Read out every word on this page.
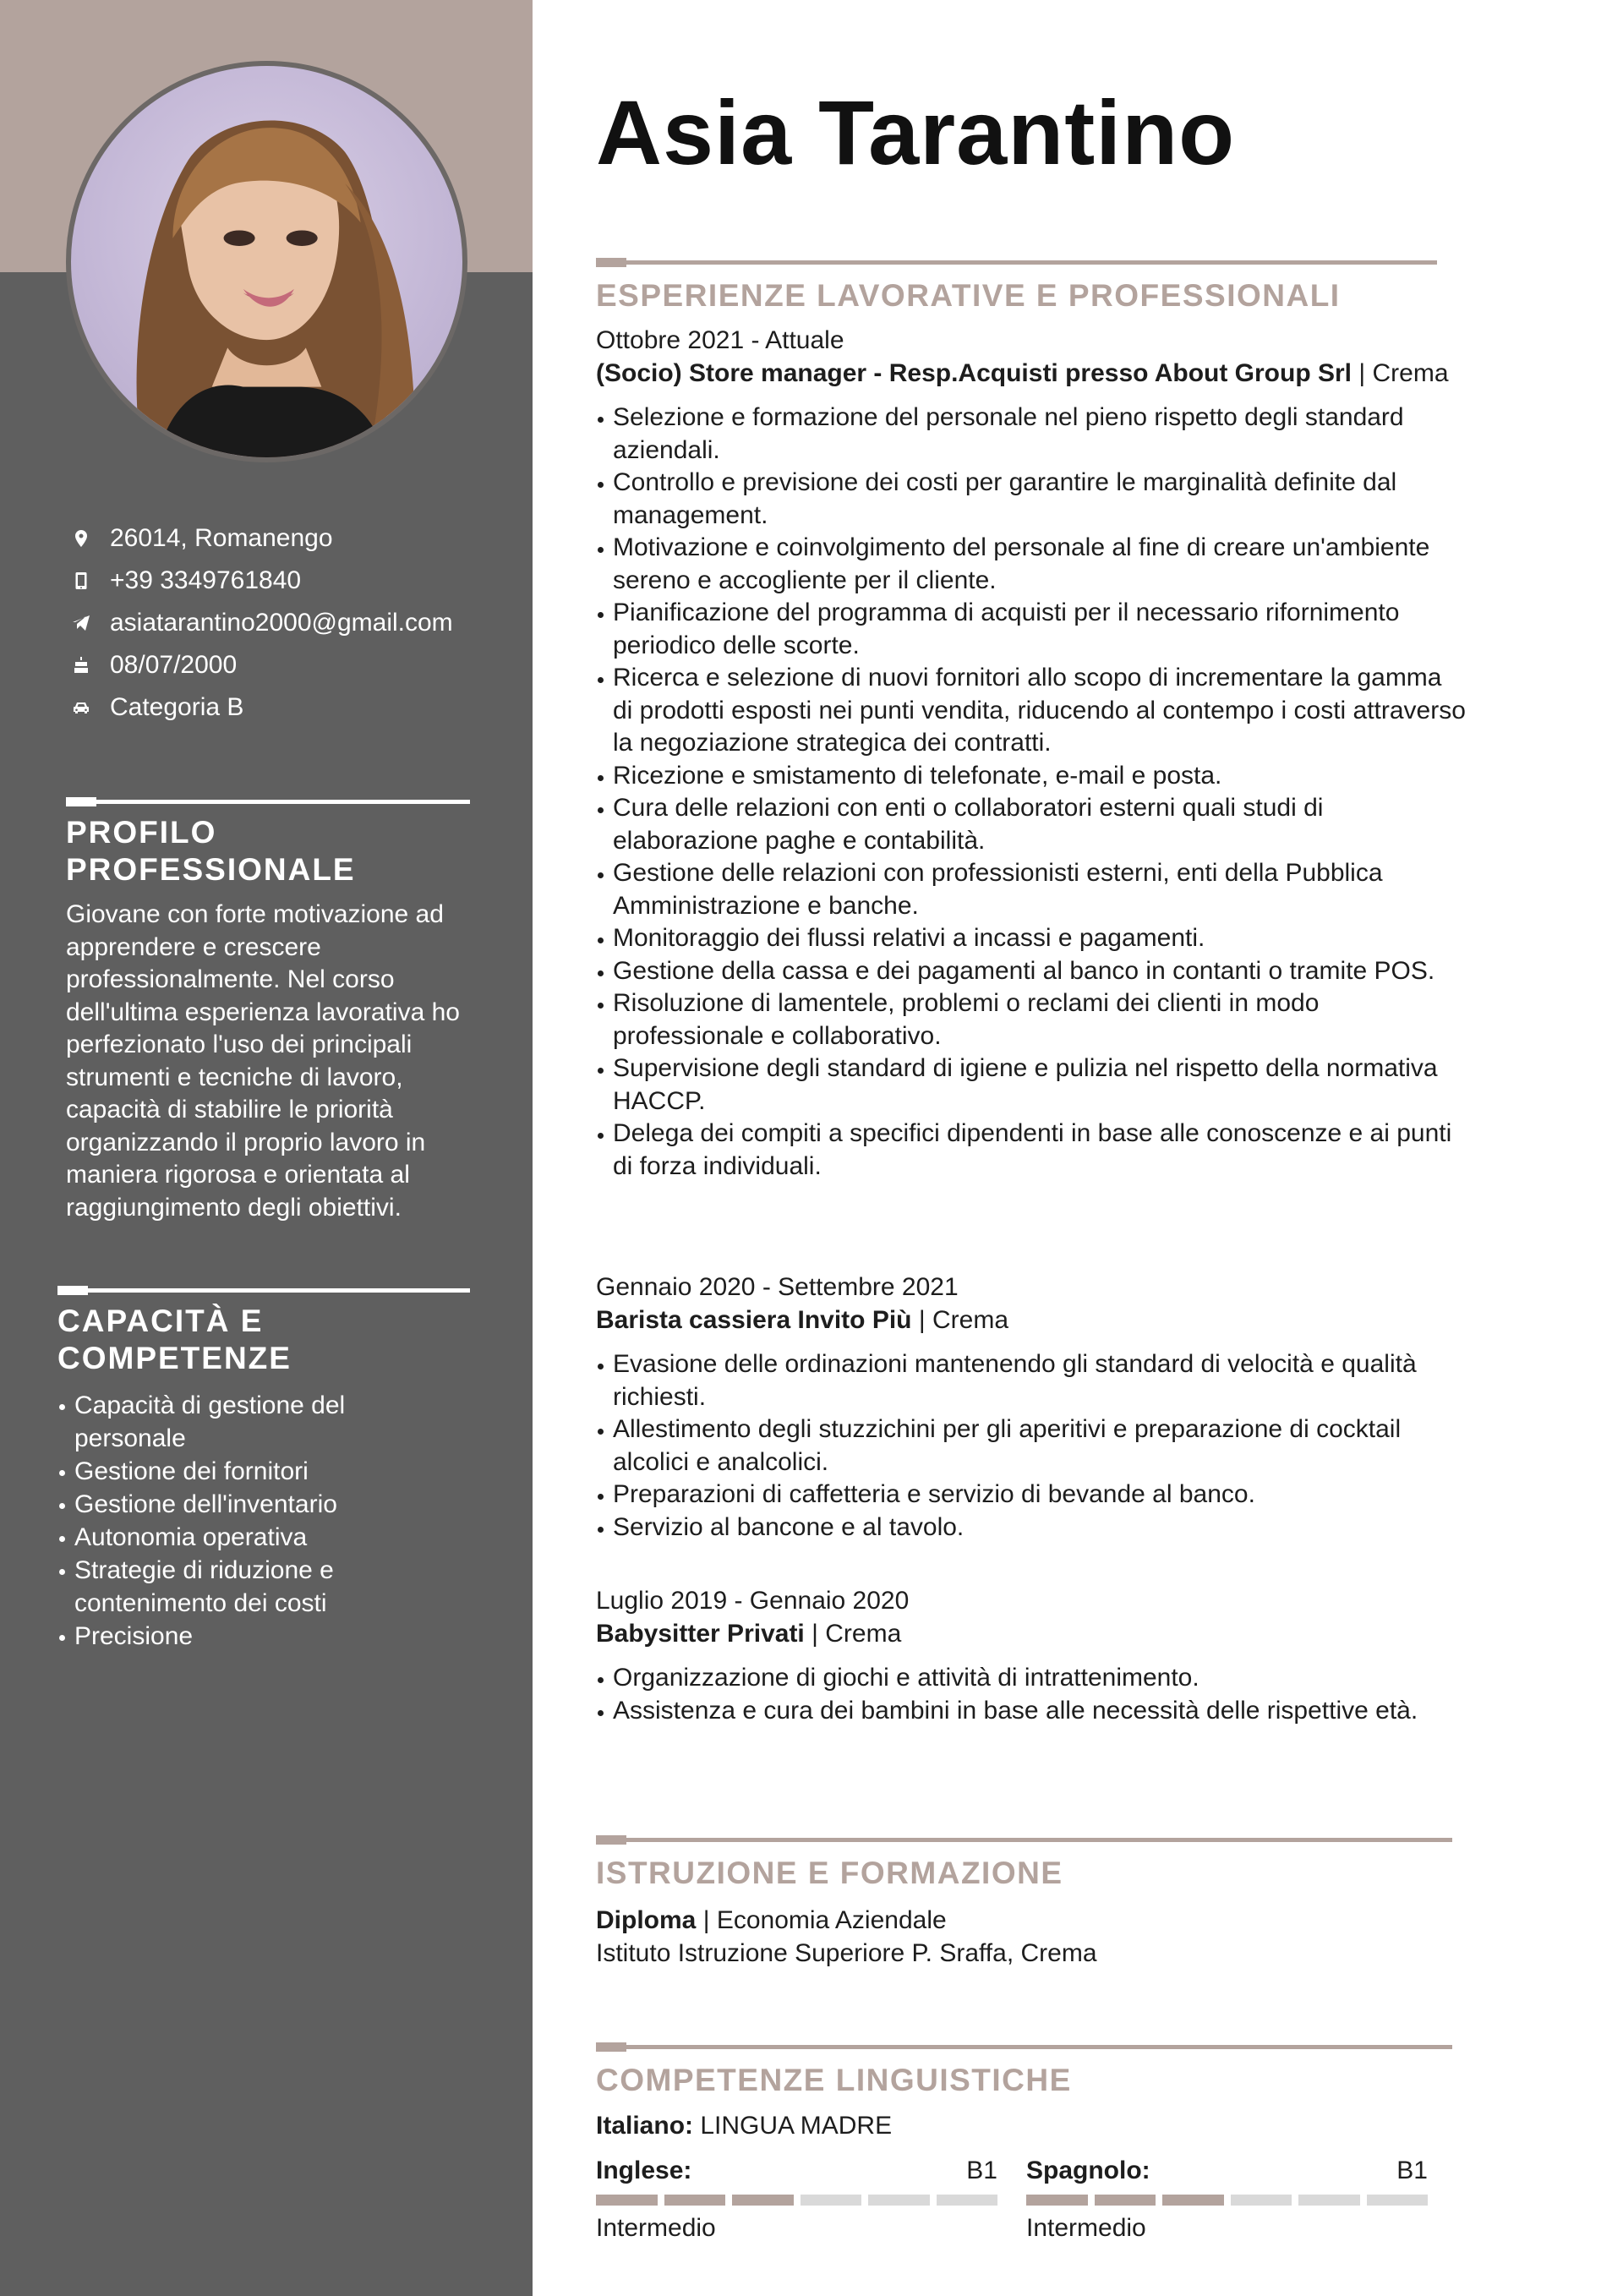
26014, Romanengo
+39 3349761840
asiatarantino2000@gmail.com
08/07/2000
Categoria B
PROFILO
PROFESSIONALE

Giovane con forte motivazione ad apprendere e crescere professionalmente. Nel corso dell'ultima esperienza lavorativa ho perfezionato l'uso dei principali strumenti e tecniche di lavoro, capacità di stabilire le priorità organizzando il proprio lavoro in maniera rigorosa e orientata al raggiungimento degli obiettivi.

CAPACITÀ E
COMPETENZE
Capacità di gestione del personale
Gestione dei fornitori
Gestione dell'inventario
Autonomia operativa
Strategie di riduzione e contenimento dei costi
Precisione
Asia Tarantino
ESPERIENZE LAVORATIVE E PROFESSIONALI

Ottobre 2021 - Attuale

(Socio) Store manager - Resp.Acquisti presso About Group Srl | Crema

Selezione e formazione del personale nel pieno rispetto degli standard aziendali.
Controllo e previsione dei costi per garantire le marginalità definite dal management.
Motivazione e coinvolgimento del personale al fine di creare un'ambiente sereno e accogliente per il cliente.
Pianificazione del programma di acquisti per il necessario rifornimento periodico delle scorte.
Ricerca e selezione di nuovi fornitori allo scopo di incrementare la gamma di prodotti esposti nei punti vendita, riducendo al contempo i costi attraverso la negoziazione strategica dei contratti.
Ricezione e smistamento di telefonate, e-mail e posta.
Cura delle relazioni con enti o collaboratori esterni quali studi di elaborazione paghe e contabilità.
Gestione delle relazioni con professionisti esterni, enti della Pubblica Amministrazione e banche.
Monitoraggio dei flussi relativi a incassi e pagamenti.
Gestione della cassa e dei pagamenti al banco in contanti o tramite POS.
Risoluzione di lamentele, problemi o reclami dei clienti in modo professionale e collaborativo.
Supervisione degli standard di igiene e pulizia nel rispetto della normativa HACCP.
Delega dei compiti a specifici dipendenti in base alle conoscenze e ai punti di forza individuali.

Gennaio 2020 - Settembre 2021

Barista cassiera Invito Più | Crema

Evasione delle ordinazioni mantenendo gli standard di velocità e qualità richiesti.
Allestimento degli stuzzichini per gli aperitivi e preparazione di cocktail alcolici e analcolici.
Preparazioni di caffetteria e servizio di bevande al banco.
Servizio al bancone e al tavolo.

Luglio 2019 - Gennaio 2020

Babysitter Privati | Crema

Organizzazione di giochi e attività di intrattenimento.
Assistenza e cura dei bambini in base alle necessità delle rispettive età.
ISTRUZIONE E FORMAZIONE

Diploma | Economia Aziendale

Istituto Istruzione Superiore P. Sraffa, Crema

COMPETENZE LINGUISTICHE

Italiano: LINGUA MADRE

Inglese:	B1
Intermedio
Spagnolo:	B1
Intermedio
